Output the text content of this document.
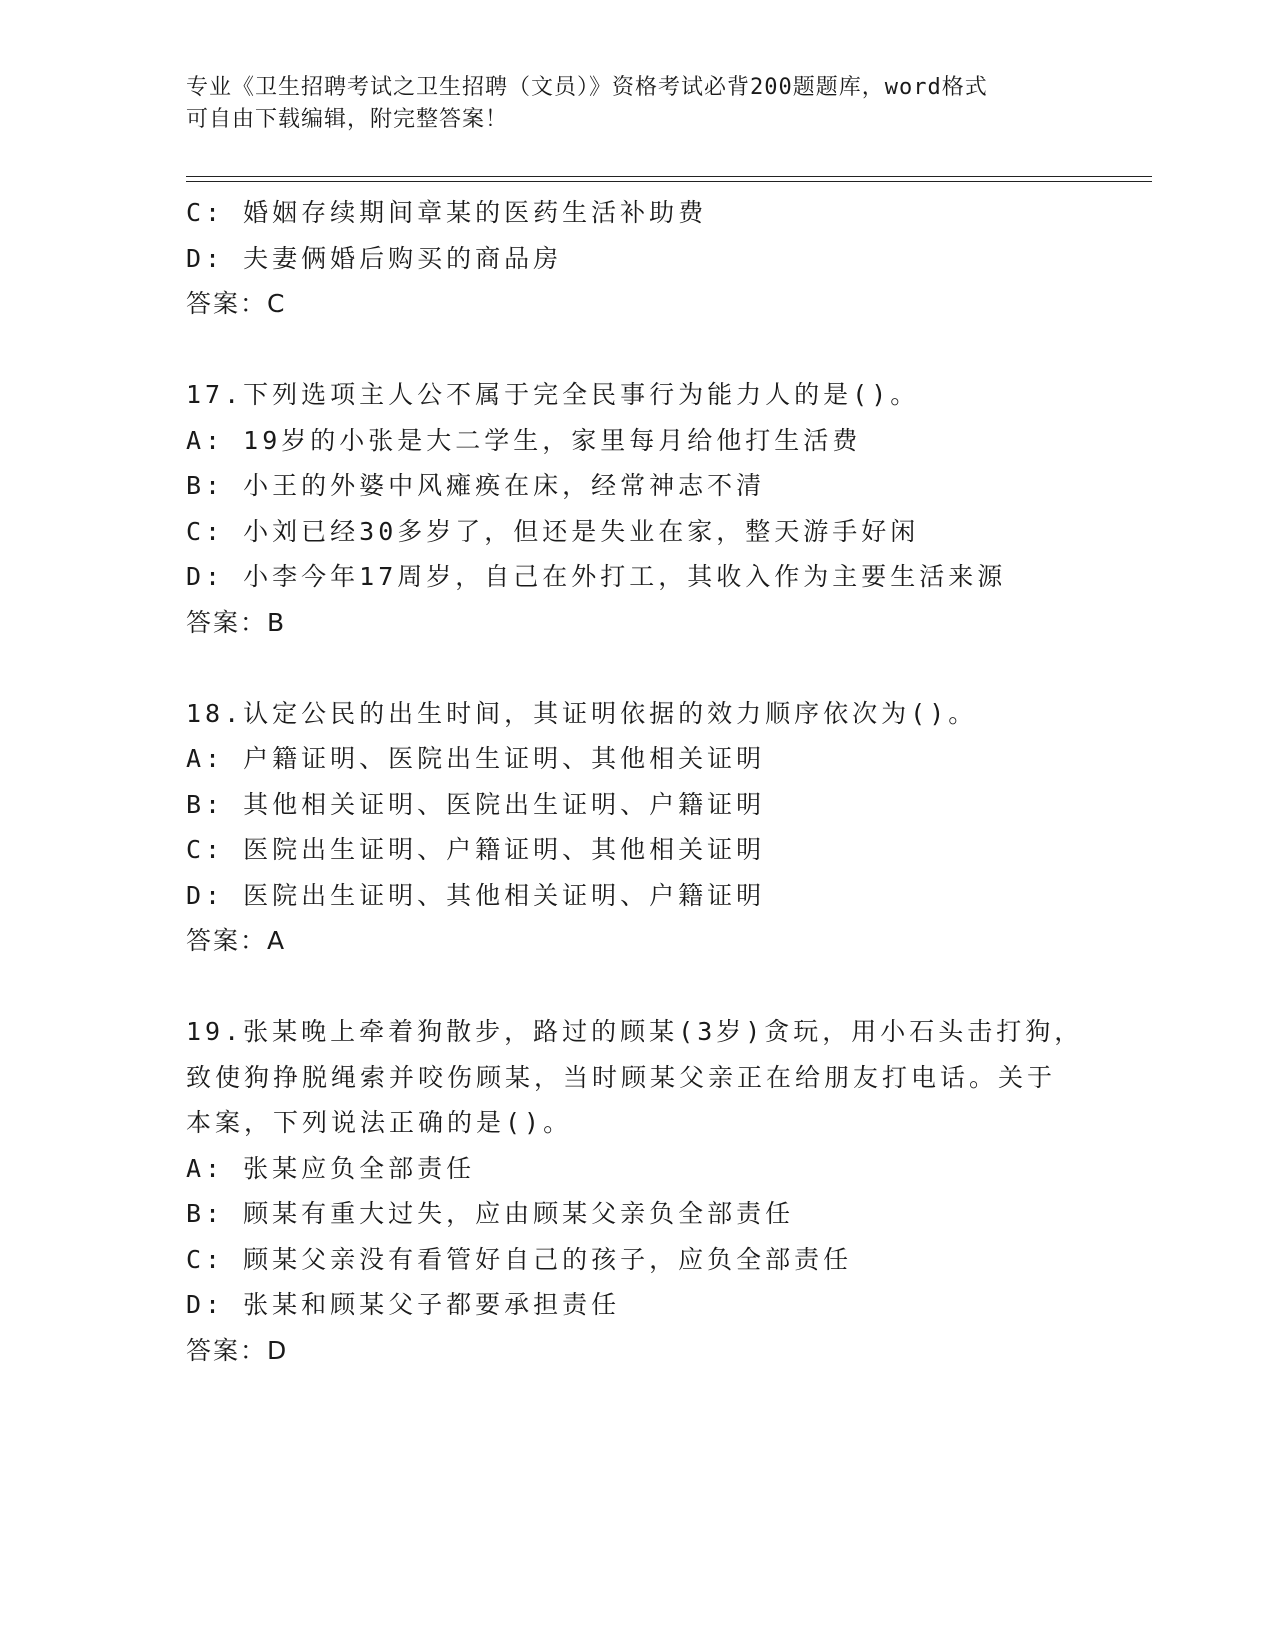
专业《卫生招聘考试之卫生招聘（文员）》资格考试必背200题题库，word格式
可自由下载编辑，附完整答案！
C: 婚姻存续期间章某的医药生活补助费
D: 夫妻俩婚后购买的商品房
答案：C
17.下列选项主人公不属于完全民事行为能力人的是()。
A: 19岁的小张是大二学生，家里每月给他打生活费
B: 小王的外婆中风瘫痪在床，经常神志不清
C: 小刘已经30多岁了，但还是失业在家，整天游手好闲
D: 小李今年17周岁，自己在外打工，其收入作为主要生活来源
答案：B
18.认定公民的出生时间，其证明依据的效力顺序依次为()。
A: 户籍证明、医院出生证明、其他相关证明
B: 其他相关证明、医院出生证明、户籍证明
C: 医院出生证明、户籍证明、其他相关证明
D: 医院出生证明、其他相关证明、户籍证明
答案：A
19.张某晚上牵着狗散步，路过的顾某(3岁)贪玩，用小石头击打狗，
致使狗挣脱绳索并咬伤顾某，当时顾某父亲正在给朋友打电话。关于
本案，下列说法正确的是()。
A: 张某应负全部责任
B: 顾某有重大过失，应由顾某父亲负全部责任
C: 顾某父亲没有看管好自己的孩子，应负全部责任
D: 张某和顾某父子都要承担责任
答案：D
